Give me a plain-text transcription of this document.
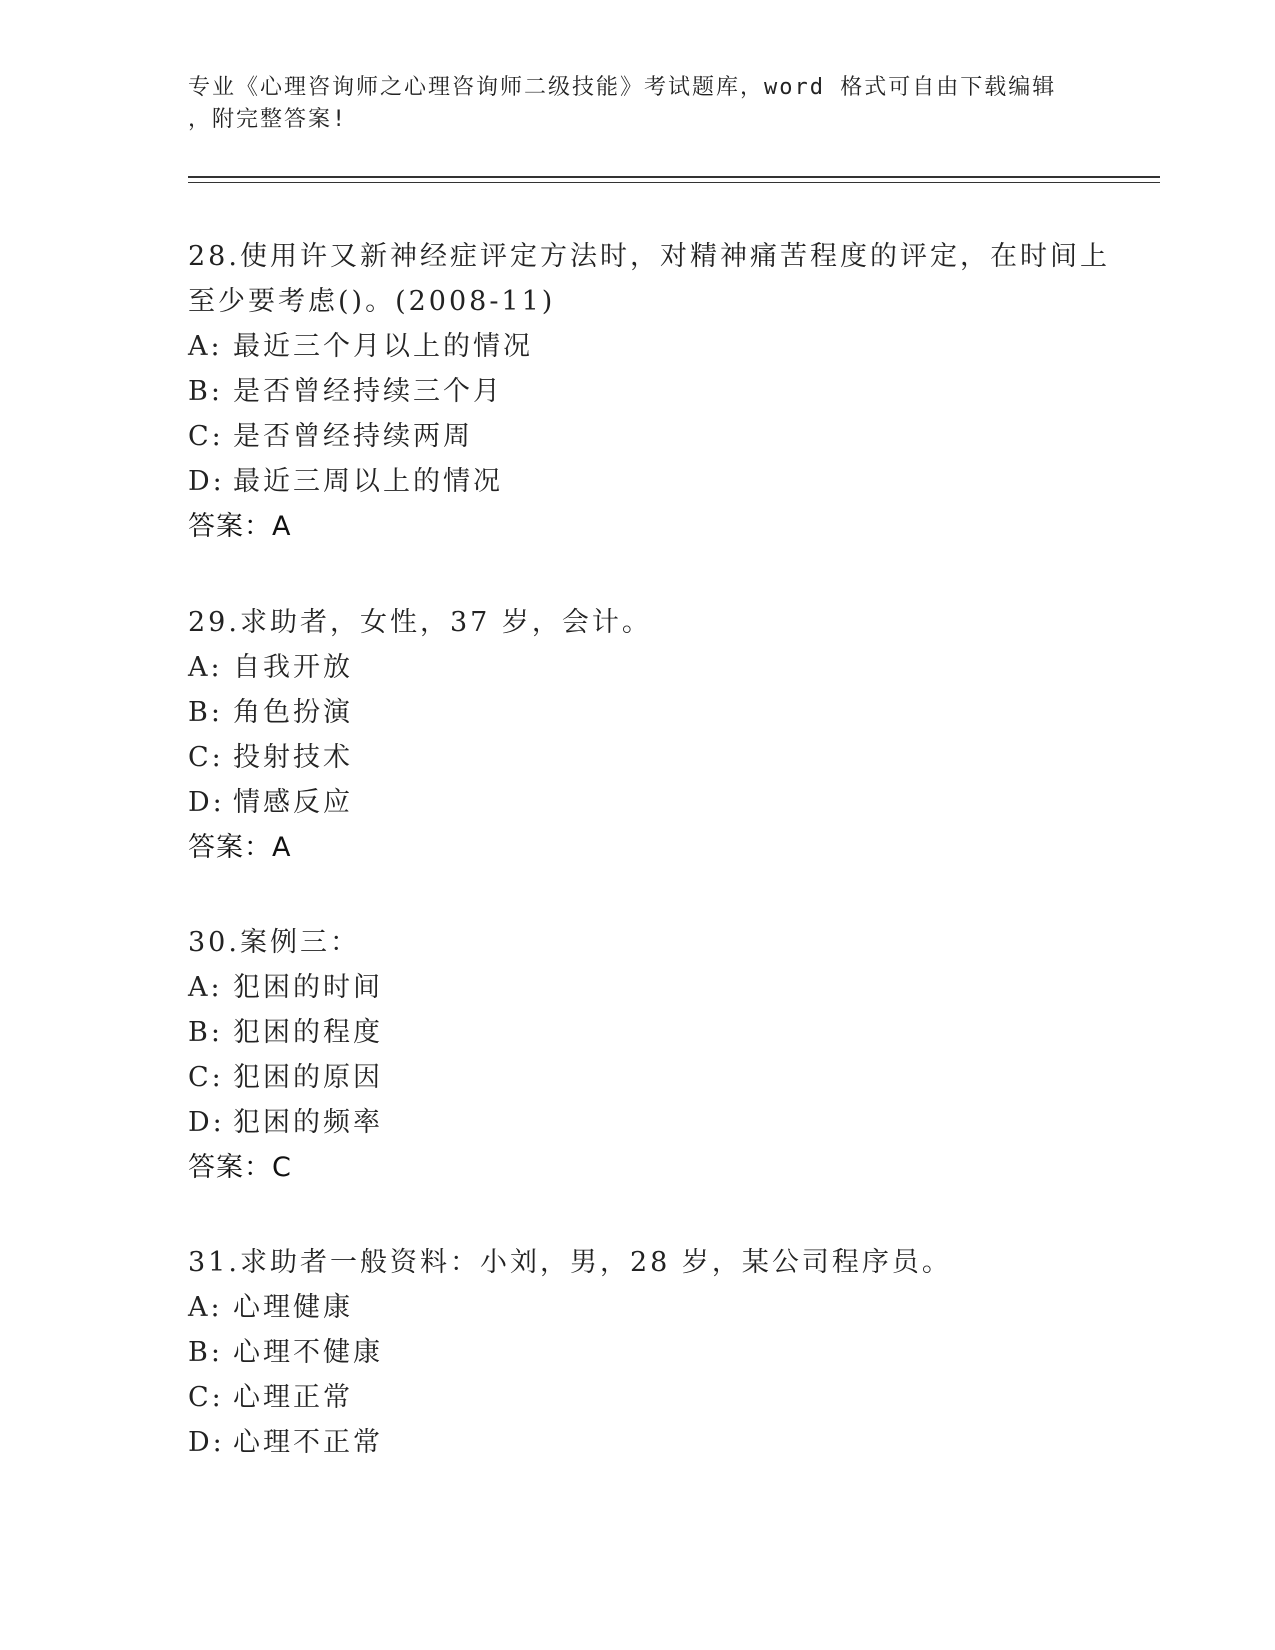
专业《心理咨询师之心理咨询师二级技能》考试题库，word 格式可自由下载编辑
，附完整答案!
28.使用许又新神经症评定方法时，对精神痛苦程度的评定，在时间上
至少要考虑()。(2008-11)
A: 最近三个月以上的情况
B: 是否曾经持续三个月
C: 是否曾经持续两周
D: 最近三周以上的情况
答案：A
29.求助者，女性，37 岁，会计。
A: 自我开放
B: 角色扮演
C: 投射技术
D: 情感反应
答案：A
30.案例三：
A: 犯困的时间
B: 犯困的程度
C: 犯困的原因
D: 犯困的频率
答案：C
31.求助者一般资料：小刘，男，28 岁，某公司程序员。
A: 心理健康
B: 心理不健康
C: 心理正常
D: 心理不正常
